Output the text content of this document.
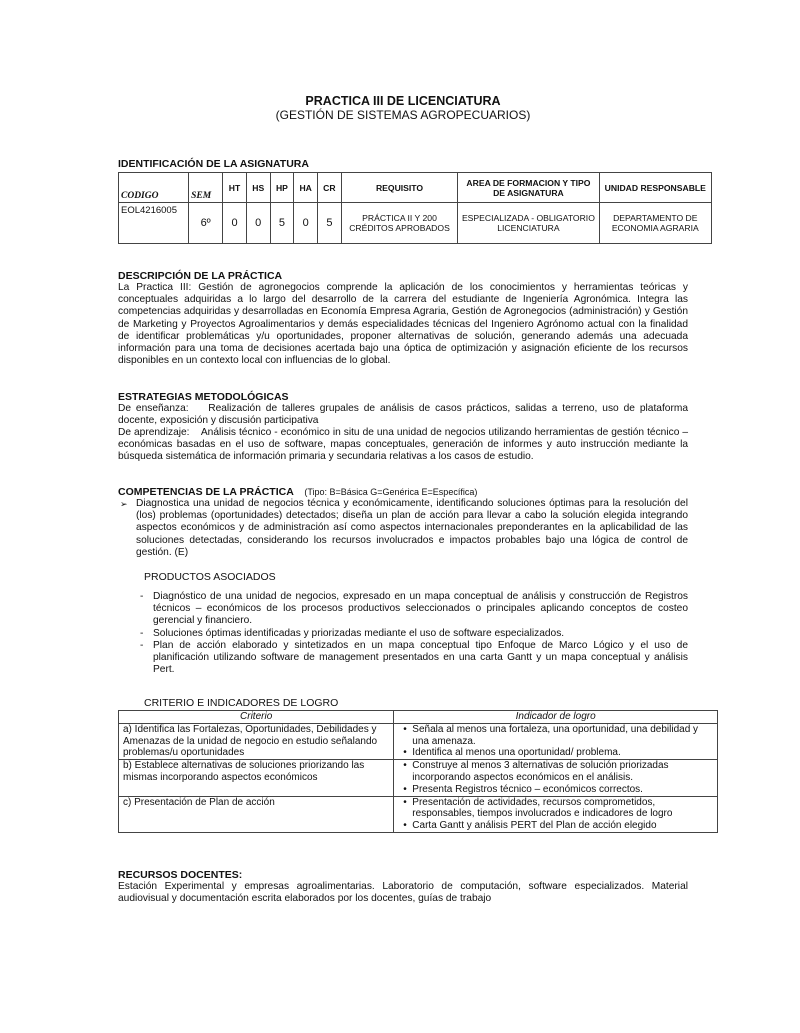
PRACTICA III DE LICENCIATURA
(GESTIÓN DE SISTEMAS AGROPECUARIOS)
IDENTIFICACIÓN DE LA ASIGNATURA
CODIGO	SEM	HT	HS	HP	HA	CR	REQUISITO	AREA DE FORMACION Y TIPO DE ASIGNATURA	UNIDAD RESPONSABLE
EOL4216005	6º	0	0	5	0	5	PRÁCTICA II Y 200 CRÉDITOS APROBADOS	ESPECIALIZADA - OBLIGATORIO LICENCIATURA	DEPARTAMENTO DE ECONOMIA AGRARIA
DESCRIPCIÓN DE LA PRÁCTICA
La Practica III: Gestión de agronegocios comprende la aplicación de los conocimientos y herramientas teóricas y conceptuales adquiridas a lo largo del desarrollo de la carrera del estudiante de Ingeniería Agronómica. Integra las competencias adquiridas y desarrolladas en Economía Empresa Agraria, Gestión de Agronegocios (administración) y Gestión de Marketing y Proyectos Agroalimentarios y demás especialidades técnicas del Ingeniero Agrónomo actual con la finalidad de identificar problemáticas y/u oportunidades, proponer alternativas de solución, generando además una adecuada información para una toma de decisiones acertada bajo una óptica de optimización y asignación eficiente de los recursos disponibles en un contexto local con influencias de lo global.
ESTRATEGIAS METODOLÓGICAS
De enseñanza: Realización de talleres grupales de análisis de casos prácticos, salidas a terreno, uso de plataforma docente, exposición y discusión participativa
De aprendizaje: Análisis técnico - económico in situ de una unidad de negocios utilizando herramientas de gestión técnico – económicas basadas en el uso de software, mapas conceptuales, generación de informes y auto instrucción mediante la búsqueda sistemática de información primaria y secundaria relativas a los casos de estudio.
COMPETENCIAS DE LA PRÁCTICA (Tipo: B=Básica G=Genérica E=Específica)
➢ Diagnostica una unidad de negocios técnica y económicamente, identificando soluciones óptimas para la resolución del (los) problemas (oportunidades) detectados; diseña un plan de acción para llevar a cabo la solución elegida integrando aspectos económicos y de administración así como aspectos internacionales preponderantes en la aplicabilidad de las soluciones detectadas, considerando los recursos involucrados e impactos probables bajo una lógica de control de gestión. (E)
PRODUCTOS ASOCIADOS
- Diagnóstico de una unidad de negocios, expresado en un mapa conceptual de análisis y construcción de Registros técnicos – económicos de los procesos productivos seleccionados o principales aplicando conceptos de costeo gerencial y financiero.
- Soluciones óptimas identificadas y priorizadas mediante el uso de software especializados.
- Plan de acción elaborado y sintetizados en un mapa conceptual tipo Enfoque de Marco Lógico y el uso de planificación utilizando software de management presentados en una carta Gantt y un mapa conceptual y análisis Pert.
CRITERIO E INDICADORES DE LOGRO
Criterio	Indicador de logro
a) Identifica las Fortalezas, Oportunidades, Debilidades y Amenazas de la unidad de negocio en estudio señalando problemas/u oportunidades	• Señala al menos una fortaleza, una oportunidad, una debilidad y una amenaza.
• Identifica al menos una oportunidad/ problema.

b) Establece alternativas de soluciones priorizando las mismas incorporando aspectos económicos	• Construye al menos 3 alternativas de solución priorizadas incorporando aspectos económicos en el análisis.
• Presenta Registros técnico – económicos correctos.

c) Presentación de Plan de acción	• Presentación de actividades, recursos comprometidos, responsables, tiempos involucrados e indicadores de logro
• Carta Gantt y análisis PERT del Plan de acción elegido
RECURSOS DOCENTES:
Estación Experimental y empresas agroalimentarias. Laboratorio de computación, software especializados. Material audiovisual y documentación escrita elaborados por los docentes, guías de trabajo
